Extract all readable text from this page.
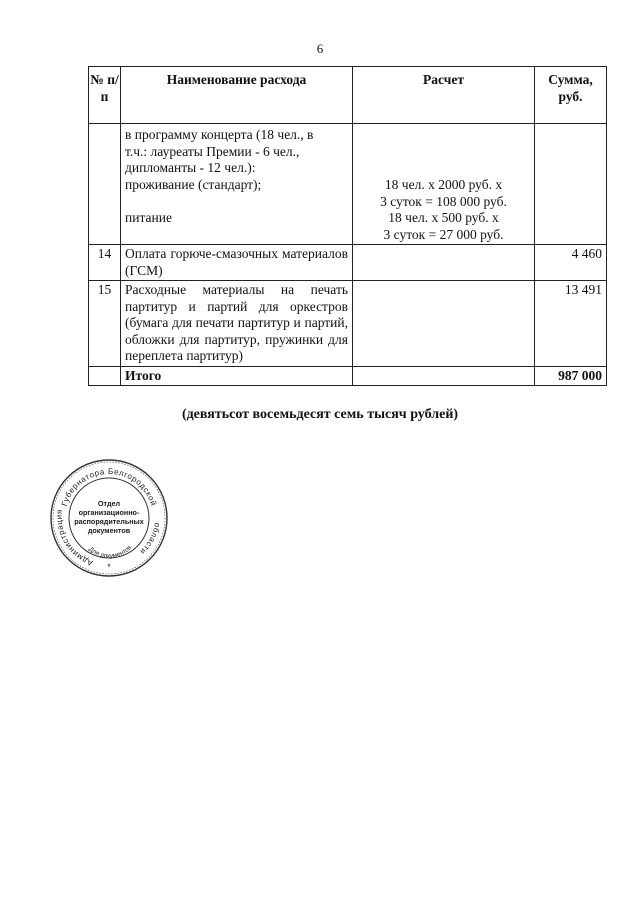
6
№ п/п	Наименование расхода	Расчет	Сумма, руб.

	в программу концерта (18 чел., в
т.ч.: лауреаты Премии - 6 чел.,
дипломанты - 12 чел.):
проживание (стандарт);
питание	18 чел. х 2000 руб. х
3 суток = 108 000 руб.
18 чел. х 500 руб. х
3 суток = 27 000 руб.	

14	Оплата горюче-смазочных материалов (ГСМ)		4 460
15	Расходные материалы на печать партитур и партий для оркестров (бумага для печати партитур и партий, обложки для партитур, пружинки для переплета партитур)		13 491
	Итого		987 000
(девятьсот восемьдесят семь тысяч рублей)
Губернатора Белгородской
Администрация
области
Отдел
организационно-
распорядительных
документов
Для документов
*
